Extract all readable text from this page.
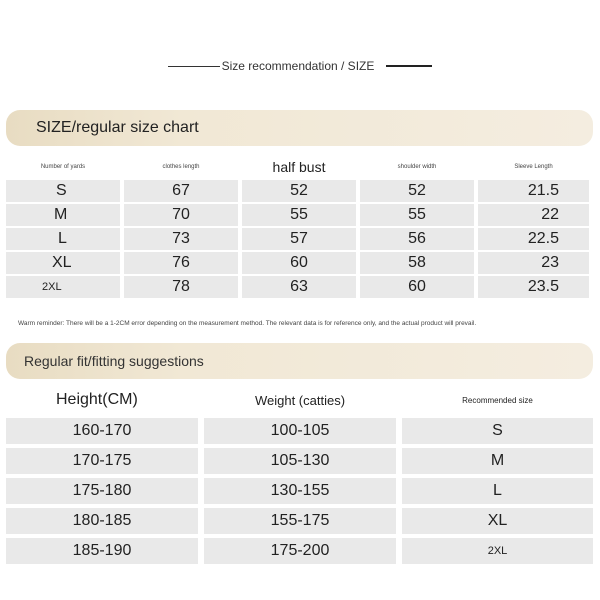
Size recommendation / SIZE
SIZE/regular size chart
Number of yards	clothes length	half bust	shoulder width	Sleeve Length
S	67	52	52	21.5
M	70	55	55	22
L	73	57	56	22.5
XL	76	60	58	23
2XL	78	63	60	23.5
Warm reminder: There will be a 1-2CM error depending on the measurement method. The relevant data is for reference only, and the actual product will prevail.
Regular fit/fitting suggestions
Height(CM)	Weight (catties)	Recommended size
160-170	100-105	S
170-175	105-130	M
175-180	130-155	L
180-185	155-175	XL
185-190	175-200	2XL
